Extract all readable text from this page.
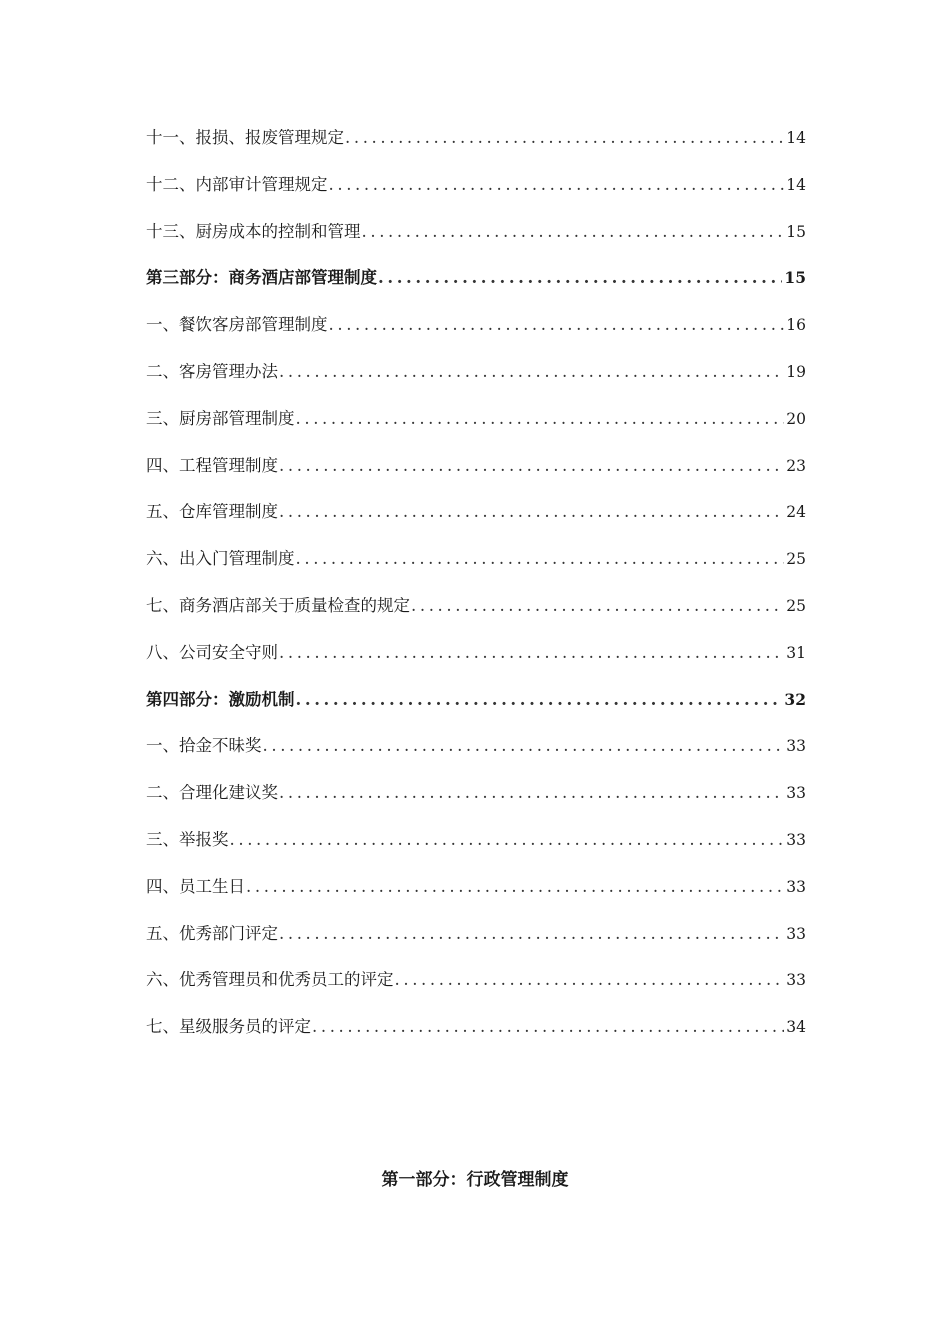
十一、报损、报废管理规定 .....	14
十二、内部审计管理规定 .....	14
十三、厨房成本的控制和管理 .....	15
第三部分：商务酒店部管理制度 .....	15
一、餐饮客房部管理制度 .....	16
二、客房管理办法 .....	19
三、厨房部管理制度 .....	20
四、工程管理制度 .....	23
五、仓库管理制度 .....	24
六、出入门管理制度 .....	25
七、商务酒店部关于质量检查的规定 .....	25
八、公司安全守则 .....	31
第四部分：激励机制 .....	32
一、拾金不昧奖 .....	33
二、合理化建议奖 .....	33
三、举报奖 .....	33
四、员工生日 .....	33
五、优秀部门评定 .....	33
六、优秀管理员和优秀员工的评定 .....	33
七、星级服务员的评定 .....	34
第一部分：行政管理制度
